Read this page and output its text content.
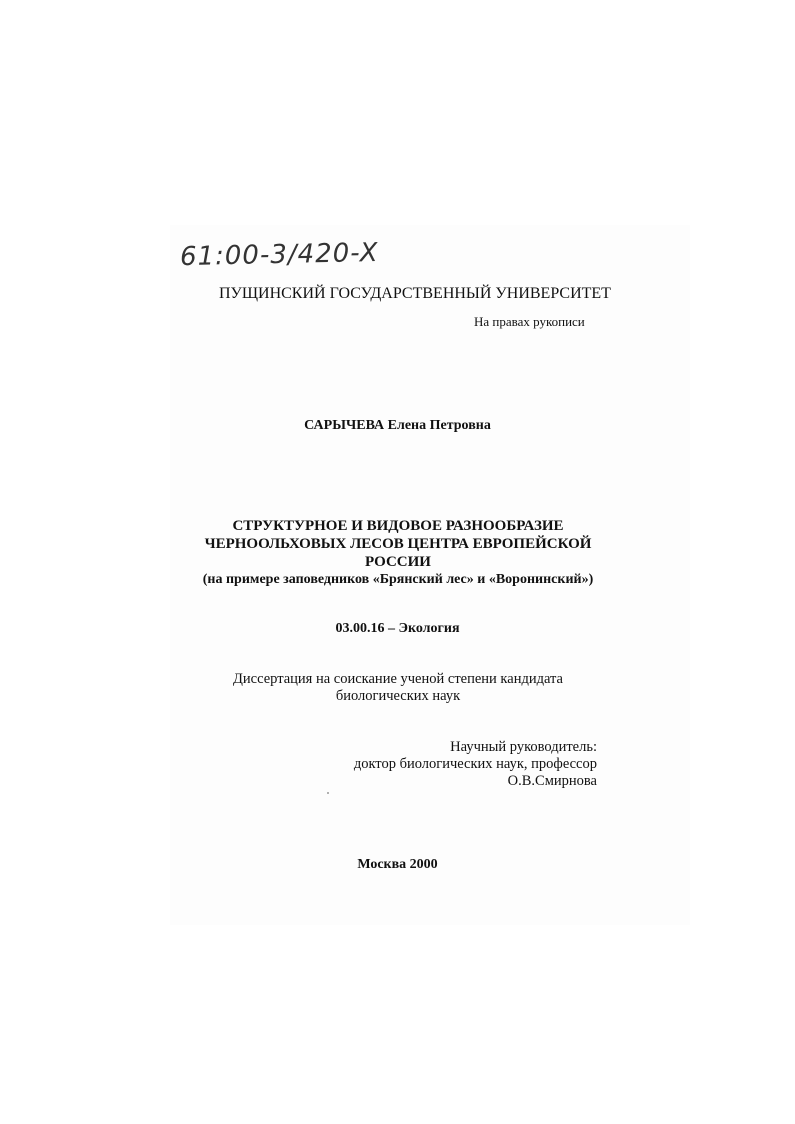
61:00-3/420-X
ПУЩИНСКИЙ ГОСУДАРСТВЕННЫЙ УНИВЕРСИТЕТ
На правах рукописи
САРЫЧЕВА Елена Петровна
СТРУКТУРНОЕ И ВИДОВОЕ РАЗНООБРАЗИЕ
ЧЕРНООЛЬХОВЫХ ЛЕСОВ ЦЕНТРА ЕВРОПЕЙСКОЙ
РОССИИ
(на примере заповедников «Брянский лес» и «Воронинский»)
03.00.16 – Экология
Диссертация на соискание ученой степени кандидата
биологических наук
Научный руководитель:
доктор биологических наук, профессор
О.В.Смирнова
Москва 2000
